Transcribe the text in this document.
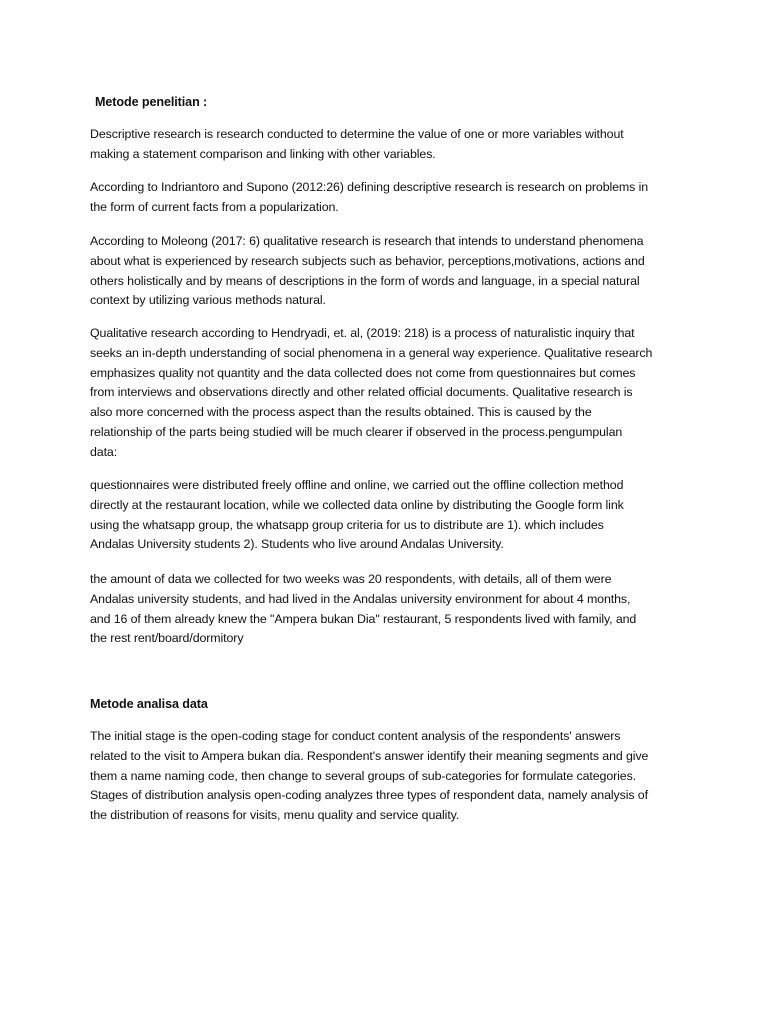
Metode penelitian :

Descriptive research is research conducted to determine the value of one or more variables without
making a statement comparison and linking with other variables.

According to Indriantoro and Supono (2012:26) defining descriptive research is research on problems in
the form of current facts from a popularization.

According to Moleong (2017: 6) qualitative research is research that intends to understand phenomena
about what is experienced by research subjects such as behavior, perceptions,motivations, actions and
others holistically and by means of descriptions in the form of words and language, in a special natural
context by utilizing various methods natural.

Qualitative research according to Hendryadi, et. al, (2019: 218) is a process of naturalistic inquiry that
seeks an in-depth understanding of social phenomena in a general way experience. Qualitative research
emphasizes quality not quantity and the data collected does not come from questionnaires but comes
from interviews and observations directly and other related official documents. Qualitative research is
also more concerned with the process aspect than the results obtained. This is caused by the
relationship of the parts being studied will be much clearer if observed in the process.pengumpulan
data:

questionnaires were distributed freely offline and online, we carried out the offline collection method
directly at the restaurant location, while we collected data online by distributing the Google form link
using the whatsapp group, the whatsapp group criteria for us to distribute are 1). which includes
Andalas University students 2). Students who live around Andalas University.

the amount of data we collected for two weeks was 20 respondents, with details, all of them were
Andalas university students, and had lived in the Andalas university environment for about 4 months,
and 16 of them already knew the "Ampera bukan Dia" restaurant, 5 respondents lived with family, and
the rest rent/board/dormitory

Metode analisa data

The initial stage is the open-coding stage for conduct content analysis of the respondents' answers
related to the visit to Ampera bukan dia. Respondent's answer identify their meaning segments and give
them a name naming code, then change to several groups of sub-categories for formulate categories.
Stages of distribution analysis open-coding analyzes three types of respondent data, namely analysis of
the distribution of reasons for visits, menu quality and service quality.
